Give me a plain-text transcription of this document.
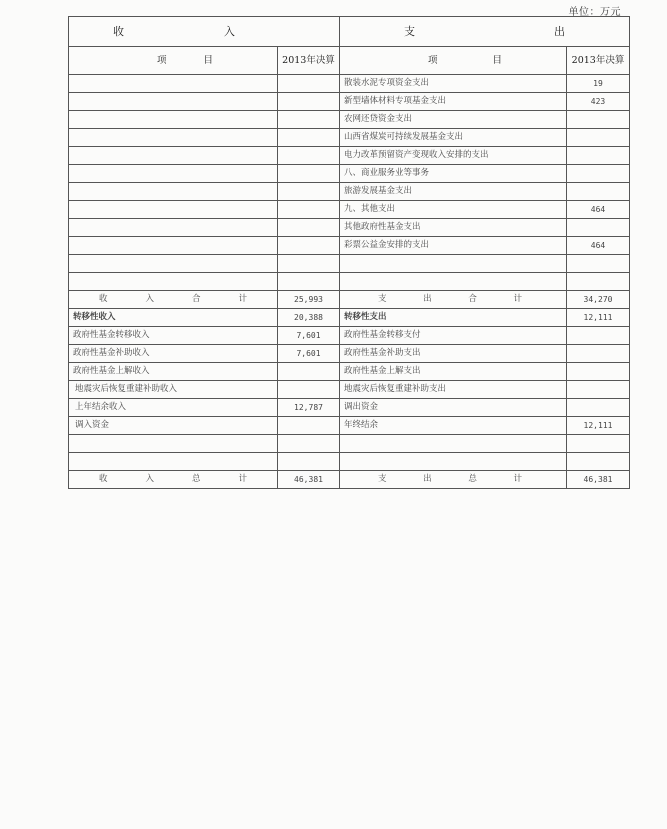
单位：万元
收 入		支 出	

项 目	2013年决算	项 目	2013年决算
		散装水泥专项资金支出	19
		新型墙体材料专项基金支出	423
		农网还贷资金支出	
		山西省煤炭可持续发展基金支出	
		电力改革预留资产变现收入安排的支出	
		八、商业服务业等事务	
		旅游发展基金支出	
		九、其他支出	464
		其他政府性基金支出	
		彩票公益金安排的支出	464

收 入 合 计	25,993	支 出 合 计	34,270
转移性收入	20,388	转移性支出	12,111
政府性基金转移收入	7,601	政府性基金转移支付	
政府性基金补助收入	7,601	政府性基金补助支出	
政府性基金上解收入		政府性基金上解支出	
地震灾后恢复重建补助收入		地震灾后恢复重建补助支出	
上年结余收入	12,787	调出资金	
调入资金		年终结余	12,111

收 入 总 计	46,381	支 出 总 计	46,381
